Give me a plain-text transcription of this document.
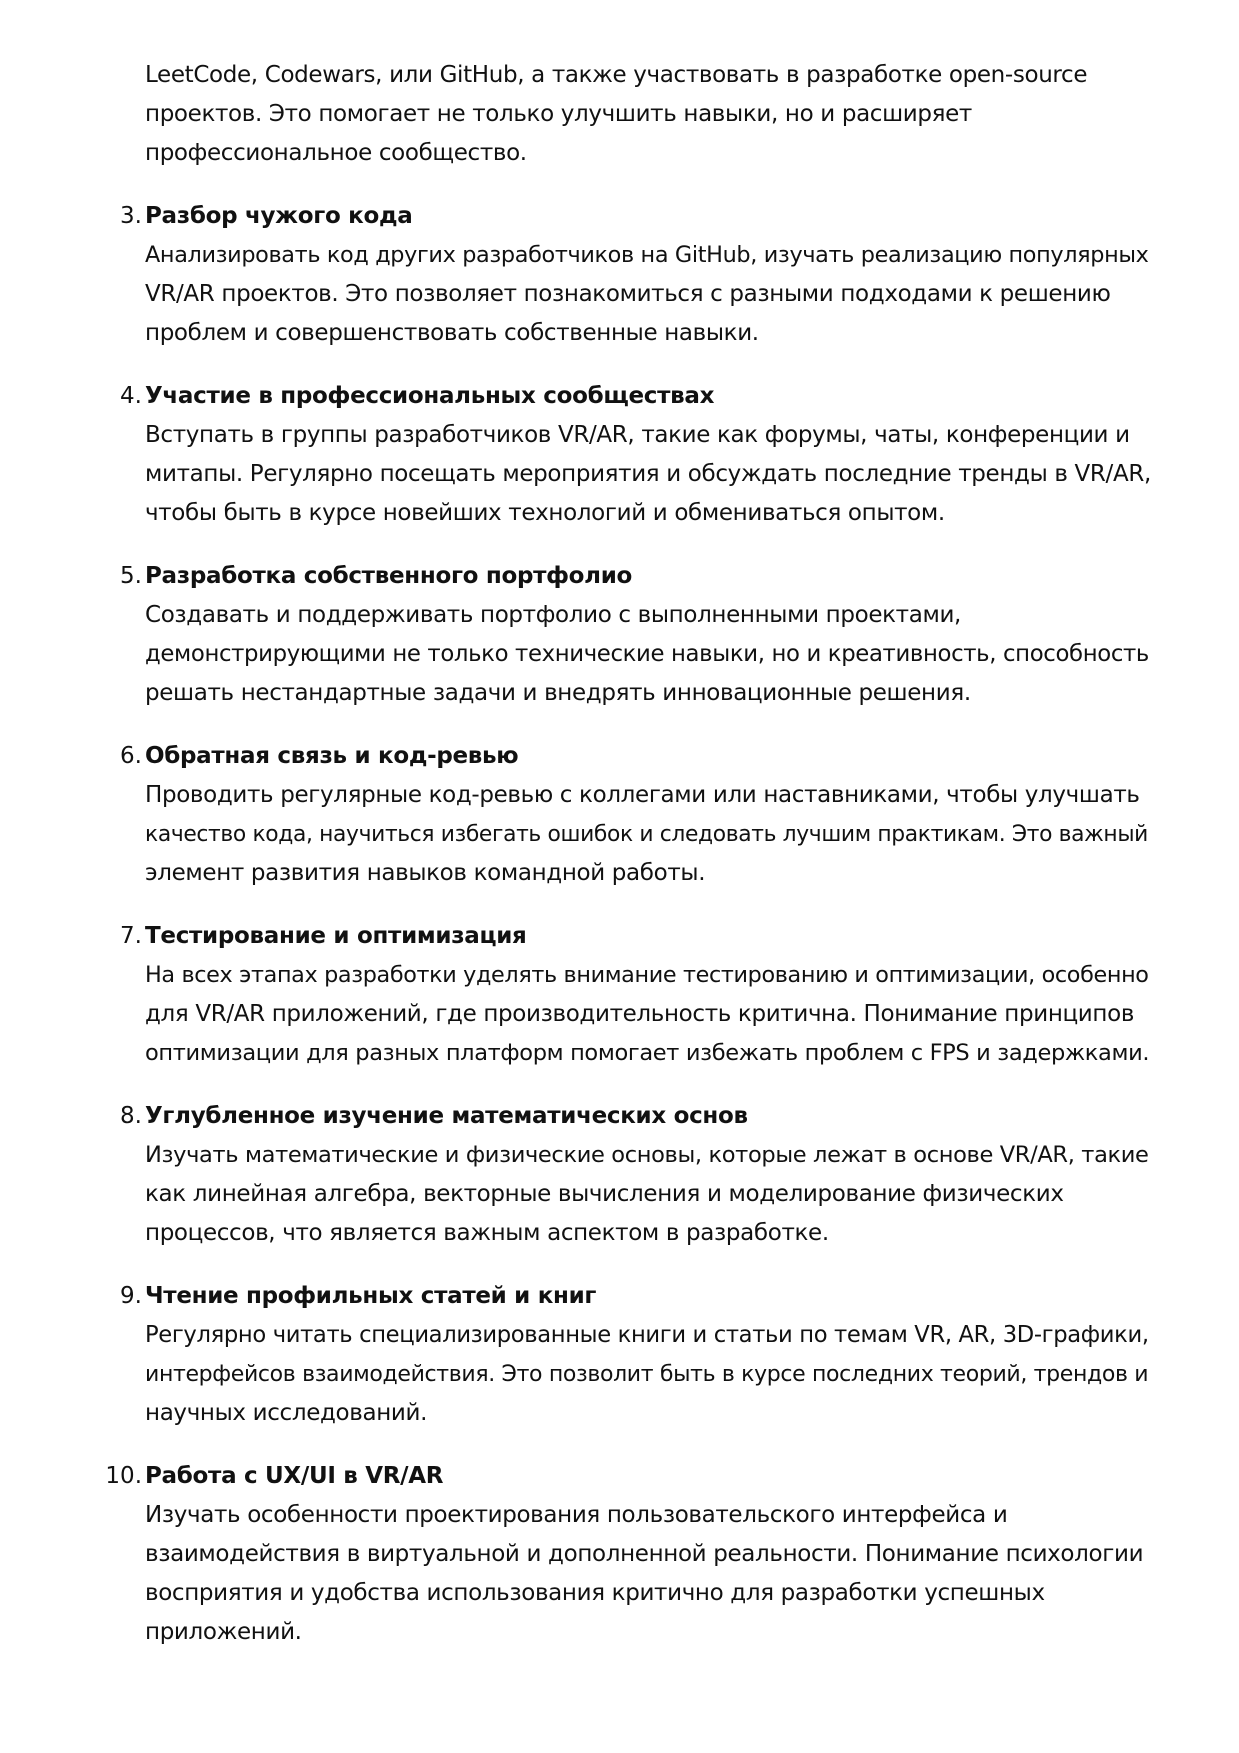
LeetCode, Codewars, или GitHub, а также участвовать в разработке open-source
проектов. Это помогает не только улучшить навыки, но и расширяет
профессиональное сообщество.
3. Разбор чужого кода
Анализировать код других разработчиков на GitHub, изучать реализацию популярных
VR/AR проектов. Это позволяет познакомиться с разными подходами к решению
проблем и совершенствовать собственные навыки.
4. Участие в профессиональных сообществах
Вступать в группы разработчиков VR/AR, такие как форумы, чаты, конференции и
митапы. Регулярно посещать мероприятия и обсуждать последние тренды в VR/AR,
чтобы быть в курсе новейших технологий и обмениваться опытом.
5. Разработка собственного портфолио
Создавать и поддерживать портфолио с выполненными проектами,
демонстрирующими не только технические навыки, но и креативность, способность
решать нестандартные задачи и внедрять инновационные решения.
6. Обратная связь и код-ревью
Проводить регулярные код-ревью с коллегами или наставниками, чтобы улучшать
качество кода, научиться избегать ошибок и следовать лучшим практикам. Это важный
элемент развития навыков командной работы.
7. Тестирование и оптимизация
На всех этапах разработки уделять внимание тестированию и оптимизации, особенно
для VR/AR приложений, где производительность критична. Понимание принципов
оптимизации для разных платформ помогает избежать проблем с FPS и задержками.
8. Углубленное изучение математических основ
Изучать математические и физические основы, которые лежат в основе VR/AR, такие
как линейная алгебра, векторные вычисления и моделирование физических
процессов, что является важным аспектом в разработке.
9. Чтение профильных статей и книг
Регулярно читать специализированные книги и статьи по темам VR, AR, 3D-графики,
интерфейсов взаимодействия. Это позволит быть в курсе последних теорий, трендов и
научных исследований.
10. Работа с UX/UI в VR/AR
Изучать особенности проектирования пользовательского интерфейса и
взаимодействия в виртуальной и дополненной реальности. Понимание психологии
восприятия и удобства использования критично для разработки успешных
приложений.
